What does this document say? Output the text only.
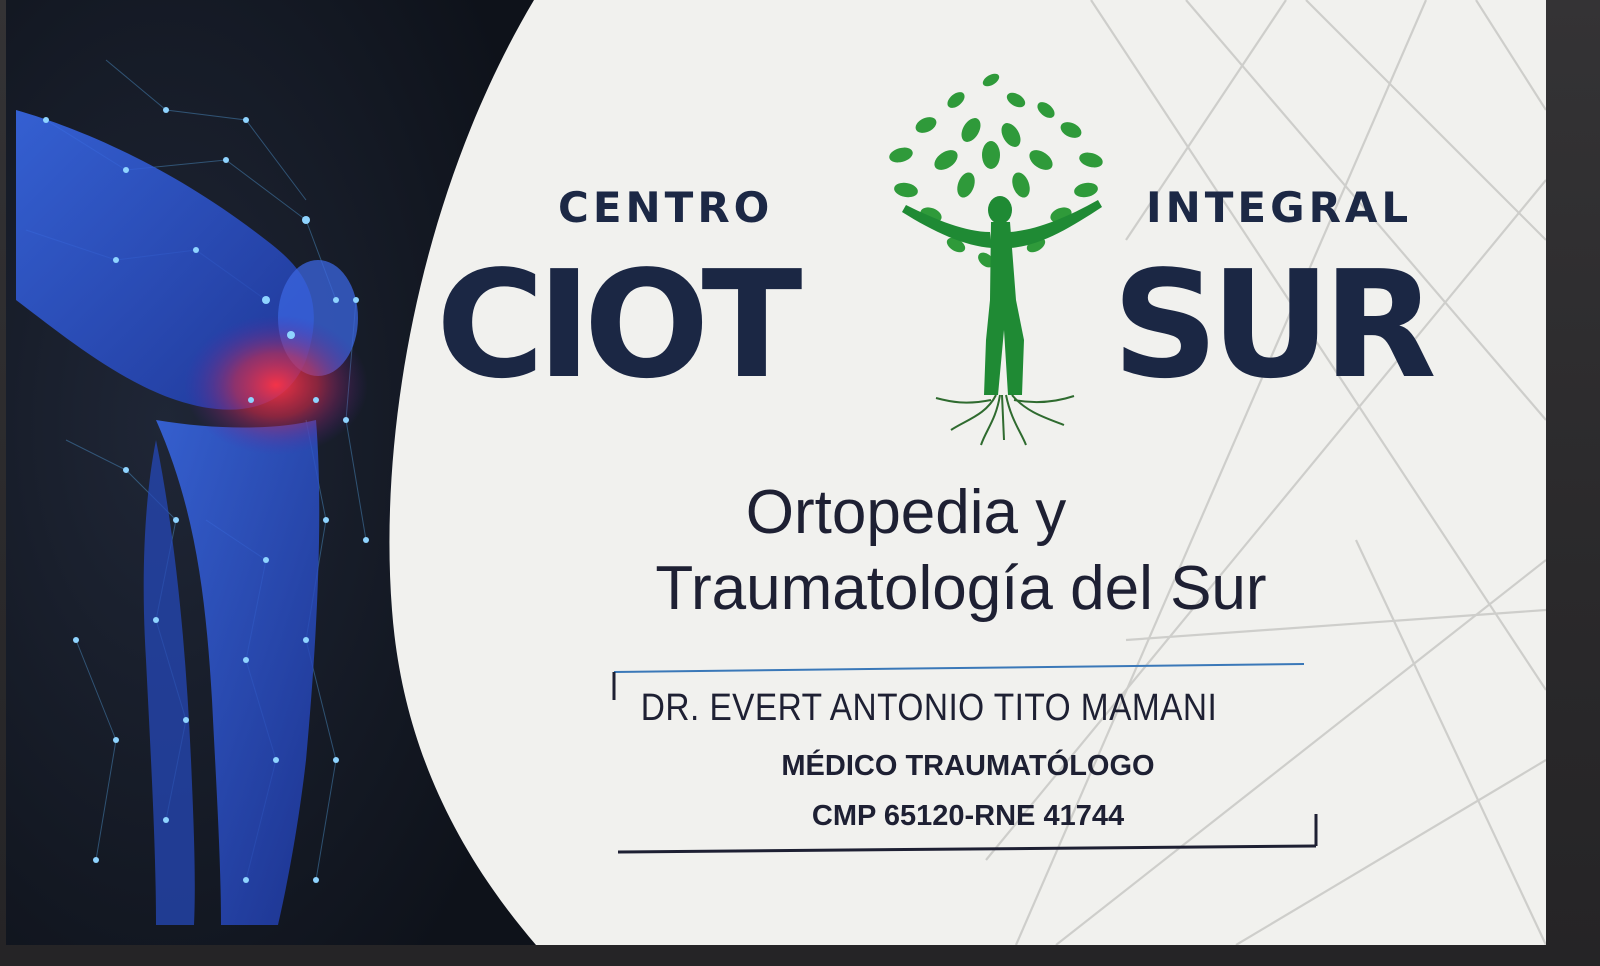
CENTRO	INTEGRAL
CIOT SUR
Ortopedia y
Traumatología del Sur
DR. EVERT ANTONIO TITO MAMANI
MÉDICO TRAUMATÓLOGO
CMP 65120-RNE 41744
